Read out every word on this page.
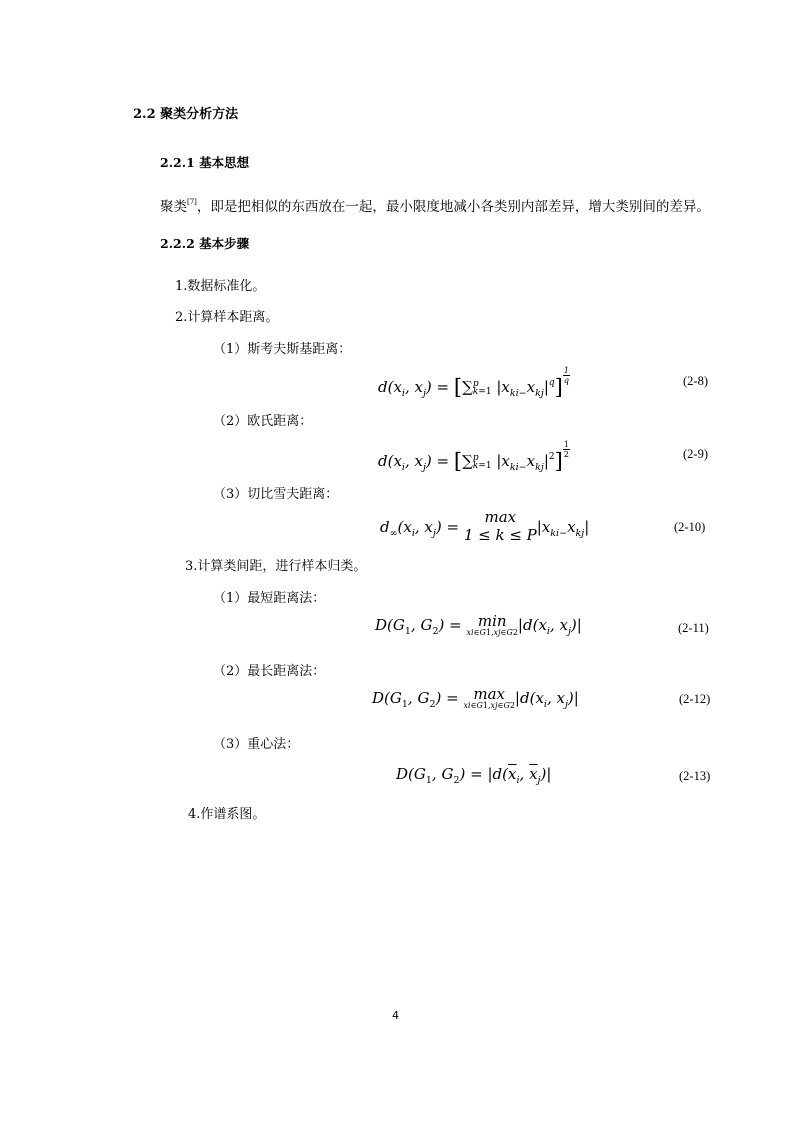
2.2 聚类分析方法
2.2.1 基本思想
聚类[7]，即是把相似的东西放在一起，最小限度地减小各类别内部差异，增大类别间的差异。
2.2.2 基本步骤
1.数据标准化。
2.计算样本距离。
（1）斯考夫斯基距离：
$d(x_i$, $x_j$) = [∑ p
k=1 $|x_{ki-}x_{kj}|^q] \frac{1}{q}$	(2-8)
（2）欧氏距离：
$d(x_i$, $x_j$) = [∑ p
k=1 $|x_{ki-}x_{kj}|^2] \frac{1}{2}$	(2-9)
（3）切比雪夫距离：
$d_\infty(x_i$, $x_j$) =
max
1 ≤ k ≤ P $|x_{ki-}x_{kj}|$	(2-10)
3.计算类间距，进行样本归类。
（1）最短距离法：
$D(G_1$, $G_2$) =	min
xi∈G1,xj∈G2 $|d(x_i$, $x_j)|$	(2-11)
（2）最长距离法：
$D(G_1$, $G_2) = \max$
xi∈G1,xj∈G2 $|d(x_i$, $x_j)|$	(2-12)
（3）重心法：
$D(G_1$, $G_2) = |d(\overline{x}_i$, $\overline{x}_j)|$	(2-13)
4.作谱系图。
4
